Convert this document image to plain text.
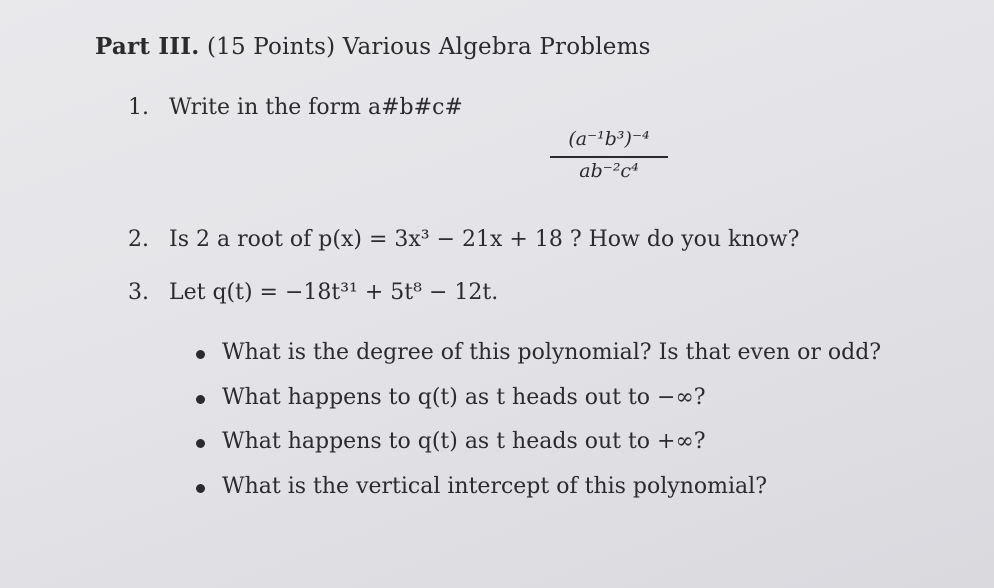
Part III. (15 Points) Various Algebra Problems
1. Write in the form a#b#c#
(a⁻¹b³)⁻⁴
ab⁻²c⁴
2. Is 2 a root of p(x) = 3x³ − 21x + 18 ? How do you know?
3. Let q(t) = −18t³¹ + 5t⁸ − 12t.
What is the degree of this polynomial? Is that even or odd?
What happens to q(t) as t heads out to −∞?
What happens to q(t) as t heads out to +∞?
What is the vertical intercept of this polynomial?
